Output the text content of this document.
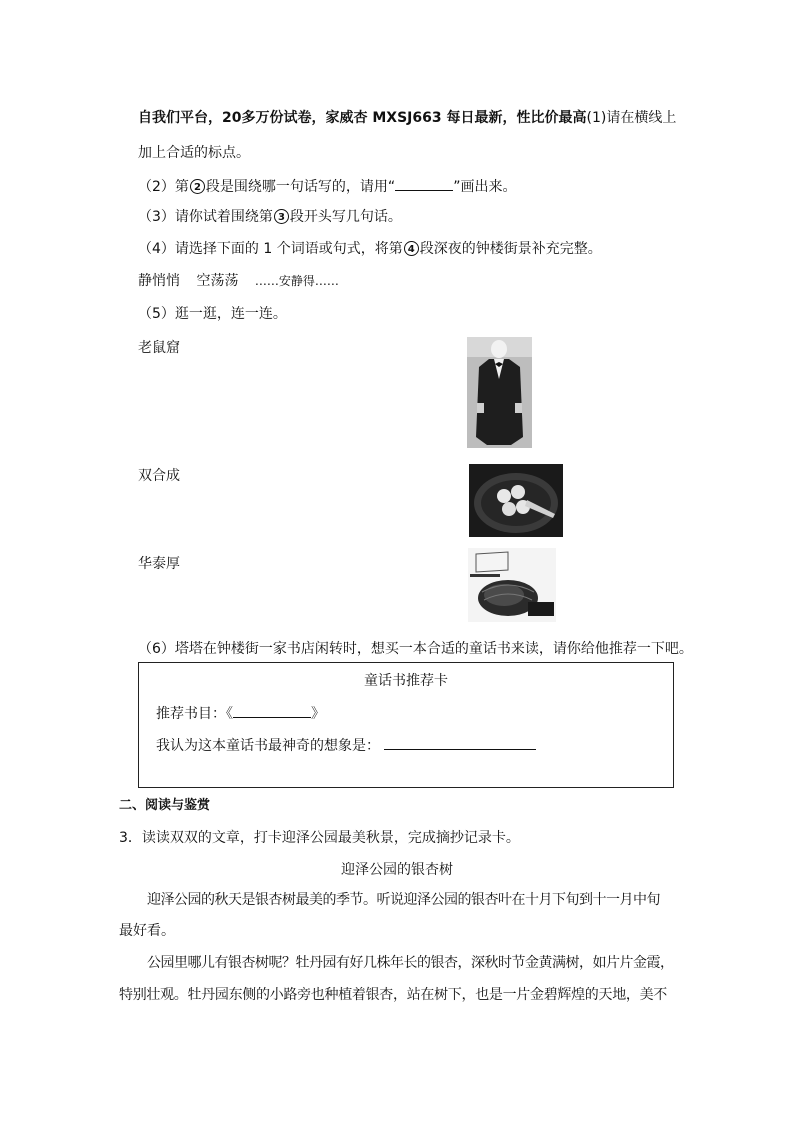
自我们平台，20多万份试卷，家威杏 MXSJ663 每日最新，性比价最高(1)请在横线上
加上合适的标点。
（2）第 2 段是围绕哪一句话写的，请用“	”画出来。
（3）请你试着围绕第 3 段开头写几句话。
（4）请选择下面的 1 个词语或句式，将第 4 段深夜的钟楼街景补充完整。
静悄悄 空荡荡 ……安静得……
（5）逛一逛，连一连。
老鼠窟
双合成
华泰厚
（6）塔塔在钟楼街一家书店闲转时，想买一本合适的童话书来读，请你给他推荐一下吧。
童话书推荐卡
推荐书目：《	》
我认为这本童话书最神奇的想象是：
二、阅读与鉴赏
3．读读双双的文章，打卡迎泽公园最美秋景，完成摘抄记录卡。
迎泽公园的银杏树
迎泽公园的秋天是银杏树最美的季节。听说迎泽公园的银杏叶在十月下旬到十一月中旬
最好看。
公园里哪儿有银杏树呢？牡丹园有好几株年长的银杏，深秋时节金黄满树，如片片金霞，
特别壮观。牡丹园东侧的小路旁也种植着银杏，站在树下，也是一片金碧辉煌的天地，美不
